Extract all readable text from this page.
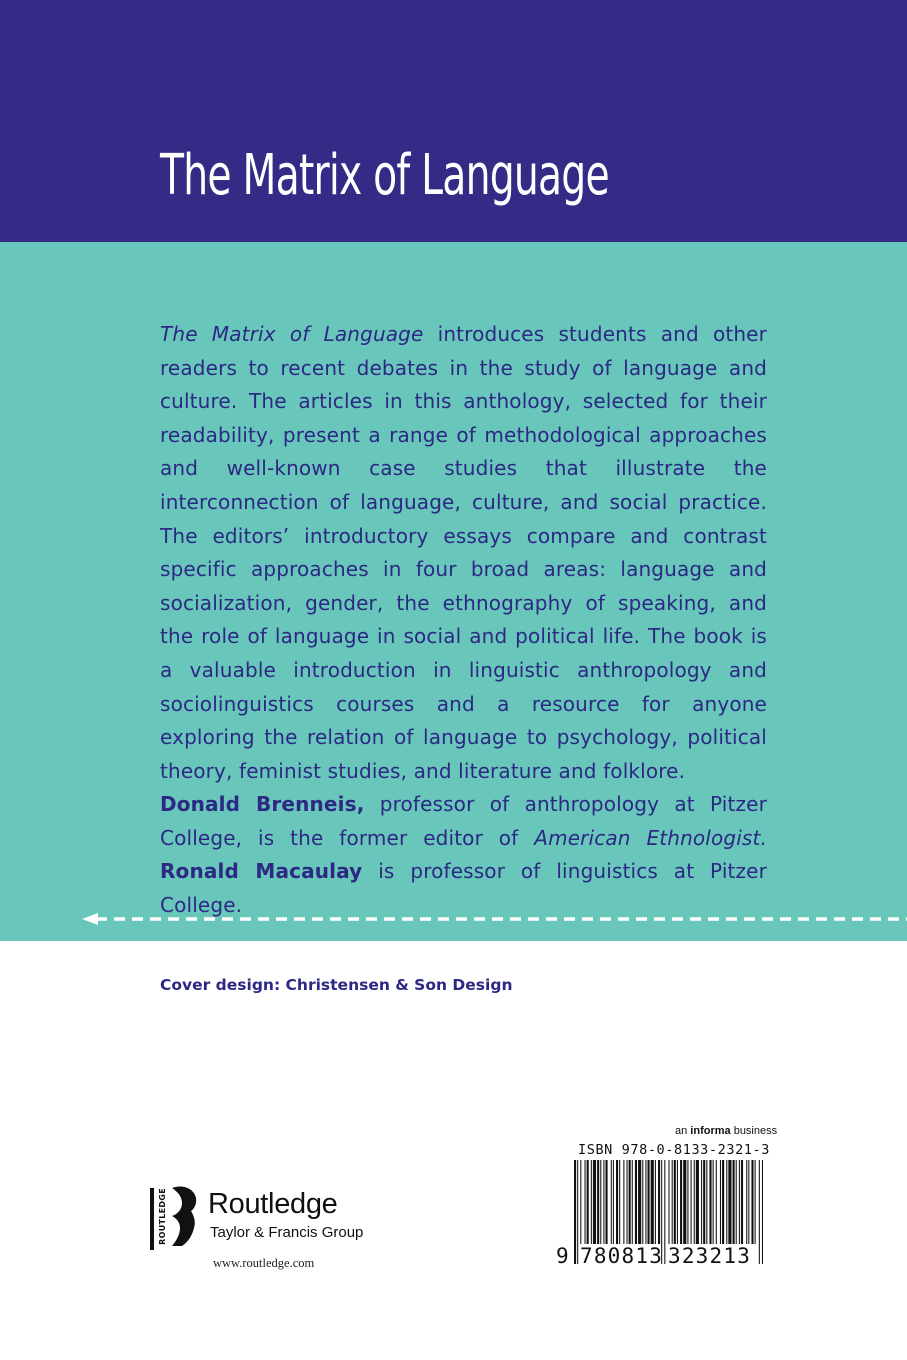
The Matrix of Language
The Matrix of Language introduces students and other readers to recent debates in the study of language and culture. The articles in this anthology, selected for their readability, present a range of methodological approaches and well-known case studies that illustrate the interconnection of language, culture, and social practice. The editors’ introductory essays compare and contrast specific approaches in four broad areas: language and socialization, gender, the ethnography of speaking, and the role of language in social and political life. The book is a valuable introduction in linguistic anthropology and sociolinguistics courses and a resource for anyone exploring the relation of language to psychology, political theory, feminist studies, and literature and folklore.
Donald Brenneis, professor of anthropology at Pitzer College, is the former editor of American Ethnologist. Ronald Macaulay is professor of linguistics at Pitzer College.
Cover design: Christensen & Son Design
ROUTLEDGE Routledge
Taylor & Francis Group
www.routledge.com
an informa business
ISBN 978-0-8133-2321-3
9 780813 323213
